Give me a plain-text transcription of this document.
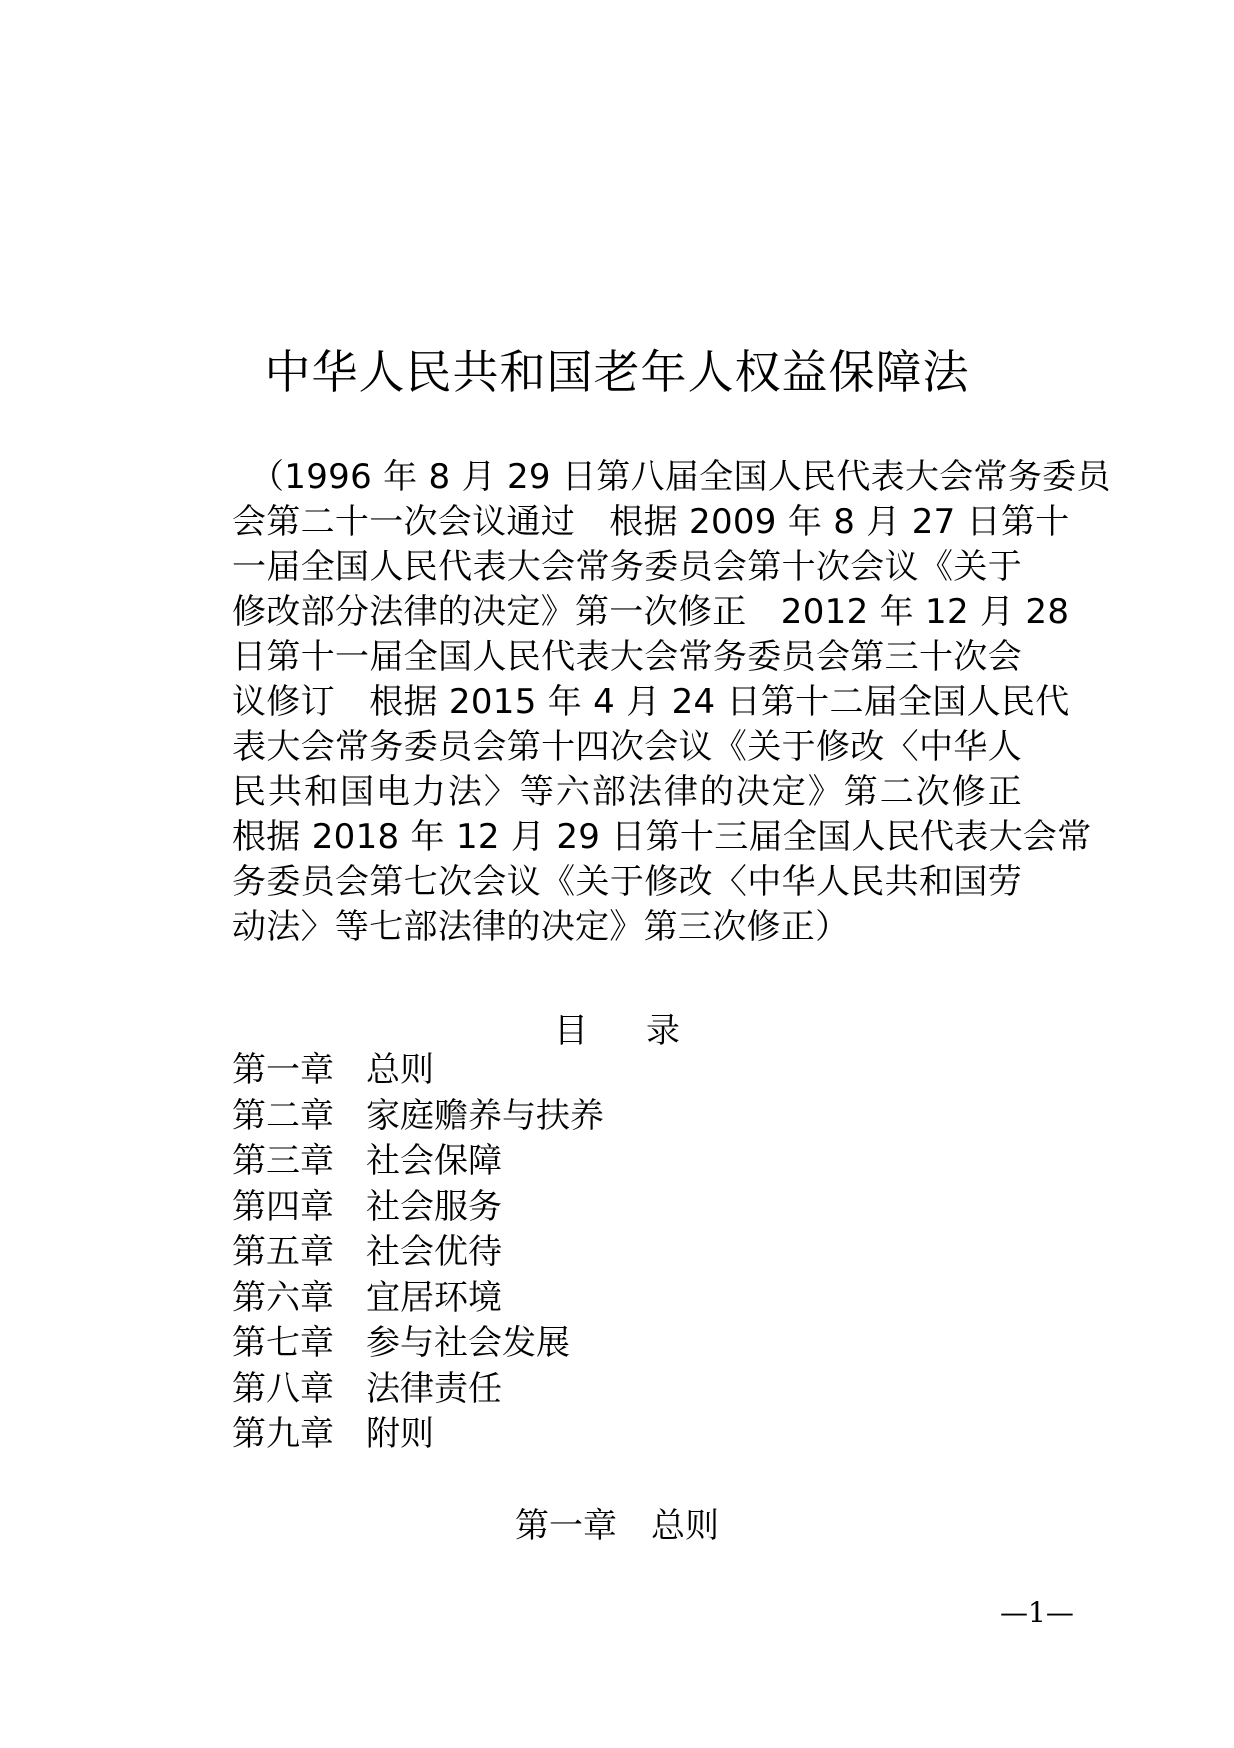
中华人民共和国老年人权益保障法
（1996 年 8 月 29 日第八届全国人民代表大会常务委员
会第二十一次会议通过　根据 2009 年 8 月 27 日第十
一届全国人民代表大会常务委员会第十次会议《关于
修改部分法律的决定》第一次修正　2012 年 12 月 28
日第十一届全国人民代表大会常务委员会第三十次会
议修订　根据 2015 年 4 月 24 日第十二届全国人民代
表大会常务委员会第十四次会议《关于修改〈中华人
民共和国电力法〉等六部法律的决定》第二次修正
根据 2018 年 12 月 29 日第十三届全国人民代表大会常
务委员会第七次会议《关于修改〈中华人民共和国劳
动法〉等七部法律的决定》第三次修正）
目录
第一章 总则
第二章 家庭赡养与扶养
第三章 社会保障
第四章 社会服务
第五章 社会优待
第六章 宜居环境
第七章 参与社会发展
第八章 法律责任
第九章 附则
第一章 总则
—1—
